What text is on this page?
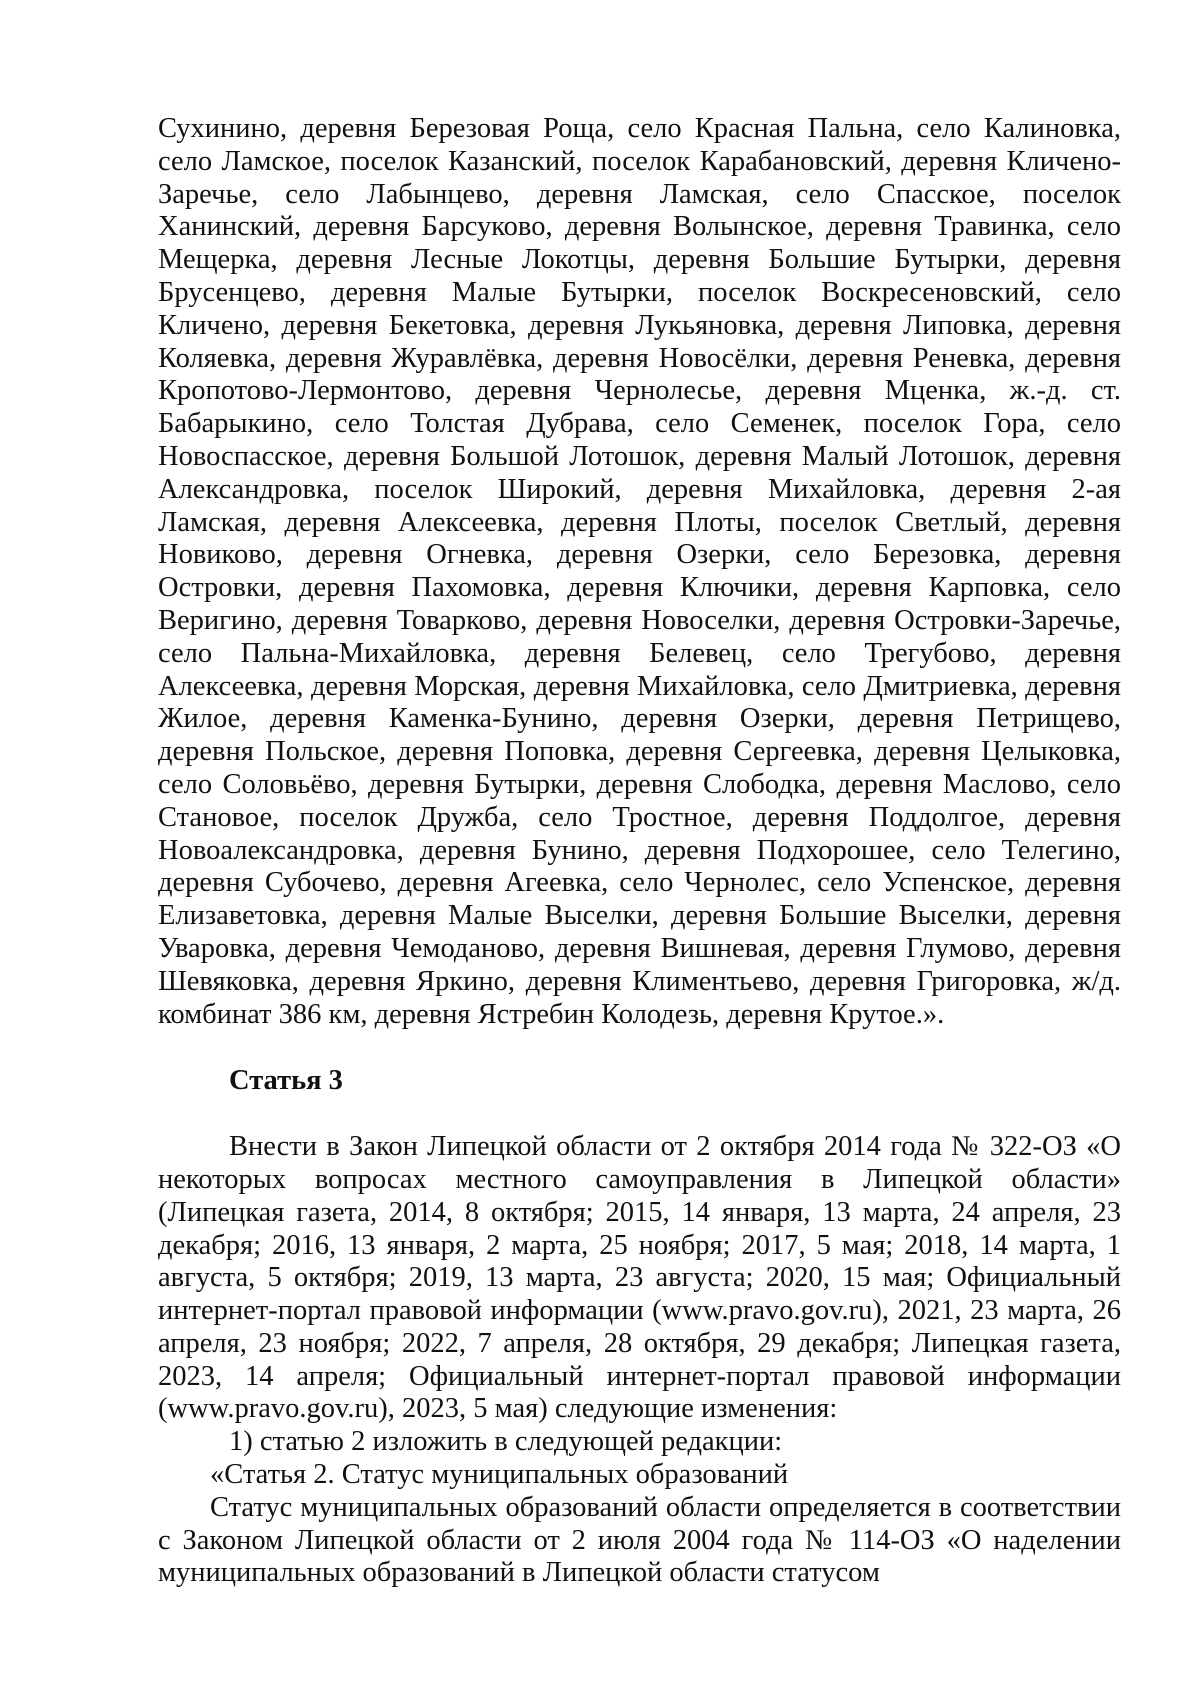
Сухинино, деревня Березовая Роща, село Красная Пальна, село Калиновка, село Ламское, поселок Казанский, поселок Карабановский, деревня Кличено-Заречье, село Лабынцево, деревня Ламская, село Спасское, поселок Ханинский, деревня Барсуково, деревня Волынское, деревня Травинка, село Мещерка, деревня Лесные Локотцы, деревня Большие Бутырки, деревня Брусенцево, деревня Малые Бутырки, поселок Воскресеновский, село Кличено, деревня Бекетовка, деревня Лукьяновка, деревня Липовка, деревня Коляевка, деревня Журавлёвка, деревня Новосёлки, деревня Реневка, деревня Кропотово-Лермонтово, деревня Чернолесье, деревня Мценка, ж.-д. ст. Бабарыкино, село Толстая Дубрава, село Семенек, поселок Гора, село Новоспасское, деревня Большой Лотошок, деревня Малый Лотошок, деревня Александровка, поселок Широкий, деревня Михайловка, деревня 2-ая Ламская, деревня Алексеевка, деревня Плоты, поселок Светлый, деревня Новиково, деревня Огневка, деревня Озерки, село Березовка, деревня Островки, деревня Пахомовка, деревня Ключики, деревня Карповка, село Веригино, деревня Товарково, деревня Новоселки, деревня Островки-Заречье, село Пальна-Михайловка, деревня Белевец, село Трегубово, деревня Алексеевка, деревня Морская, деревня Михайловка, село Дмитриевка, деревня Жилое, деревня Каменка-Бунино, деревня Озерки, деревня Петрищево, деревня Польское, деревня Поповка, деревня Сергеевка, деревня Целыковка, село Соловьёво, деревня Бутырки, деревня Слободка, деревня Маслово, село Становое, поселок Дружба, село Тростное, деревня Поддолгое, деревня Новоалександровка, деревня Бунино, деревня Подхорошее, село Телегино, деревня Субочево, деревня Агеевка, село Чернолес, село Успенское, деревня Елизаветовка, деревня Малые Выселки, деревня Большие Выселки, деревня Уваровка, деревня Чемоданово, деревня Вишневая, деревня Глумово, деревня Шевяковка, деревня Яркино, деревня Климентьево, деревня Григоровка, ж/д. комбинат 386 км, деревня Ястребин Колодезь, деревня Крутое.».

Статья 3

Внести в Закон Липецкой области от 2 октября 2014 года № 322-ОЗ «О некоторых вопросах местного самоуправления в Липецкой области» (Липецкая газета, 2014, 8 октября; 2015, 14 января, 13 марта, 24 апреля, 23 декабря; 2016, 13 января, 2 марта, 25 ноября; 2017, 5 мая; 2018, 14 марта, 1 августа, 5 октября; 2019, 13 марта, 23 августа; 2020, 15 мая; Официальный интернет-портал правовой информации (www.pravo.gov.ru), 2021, 23 марта, 26 апреля, 23 ноября; 2022, 7 апреля, 28 октября, 29 декабря; Липецкая газета, 2023, 14 апреля; Официальный интернет-портал правовой информации (www.pravo.gov.ru), 2023, 5 мая) следующие изменения:

1) статью 2 изложить в следующей редакции:

«Статья 2. Статус муниципальных образований

Статус муниципальных образований области определяется в соответствии с Законом Липецкой области от 2 июля 2004 года № 114-ОЗ «О наделении муниципальных образований в Липецкой области статусом
